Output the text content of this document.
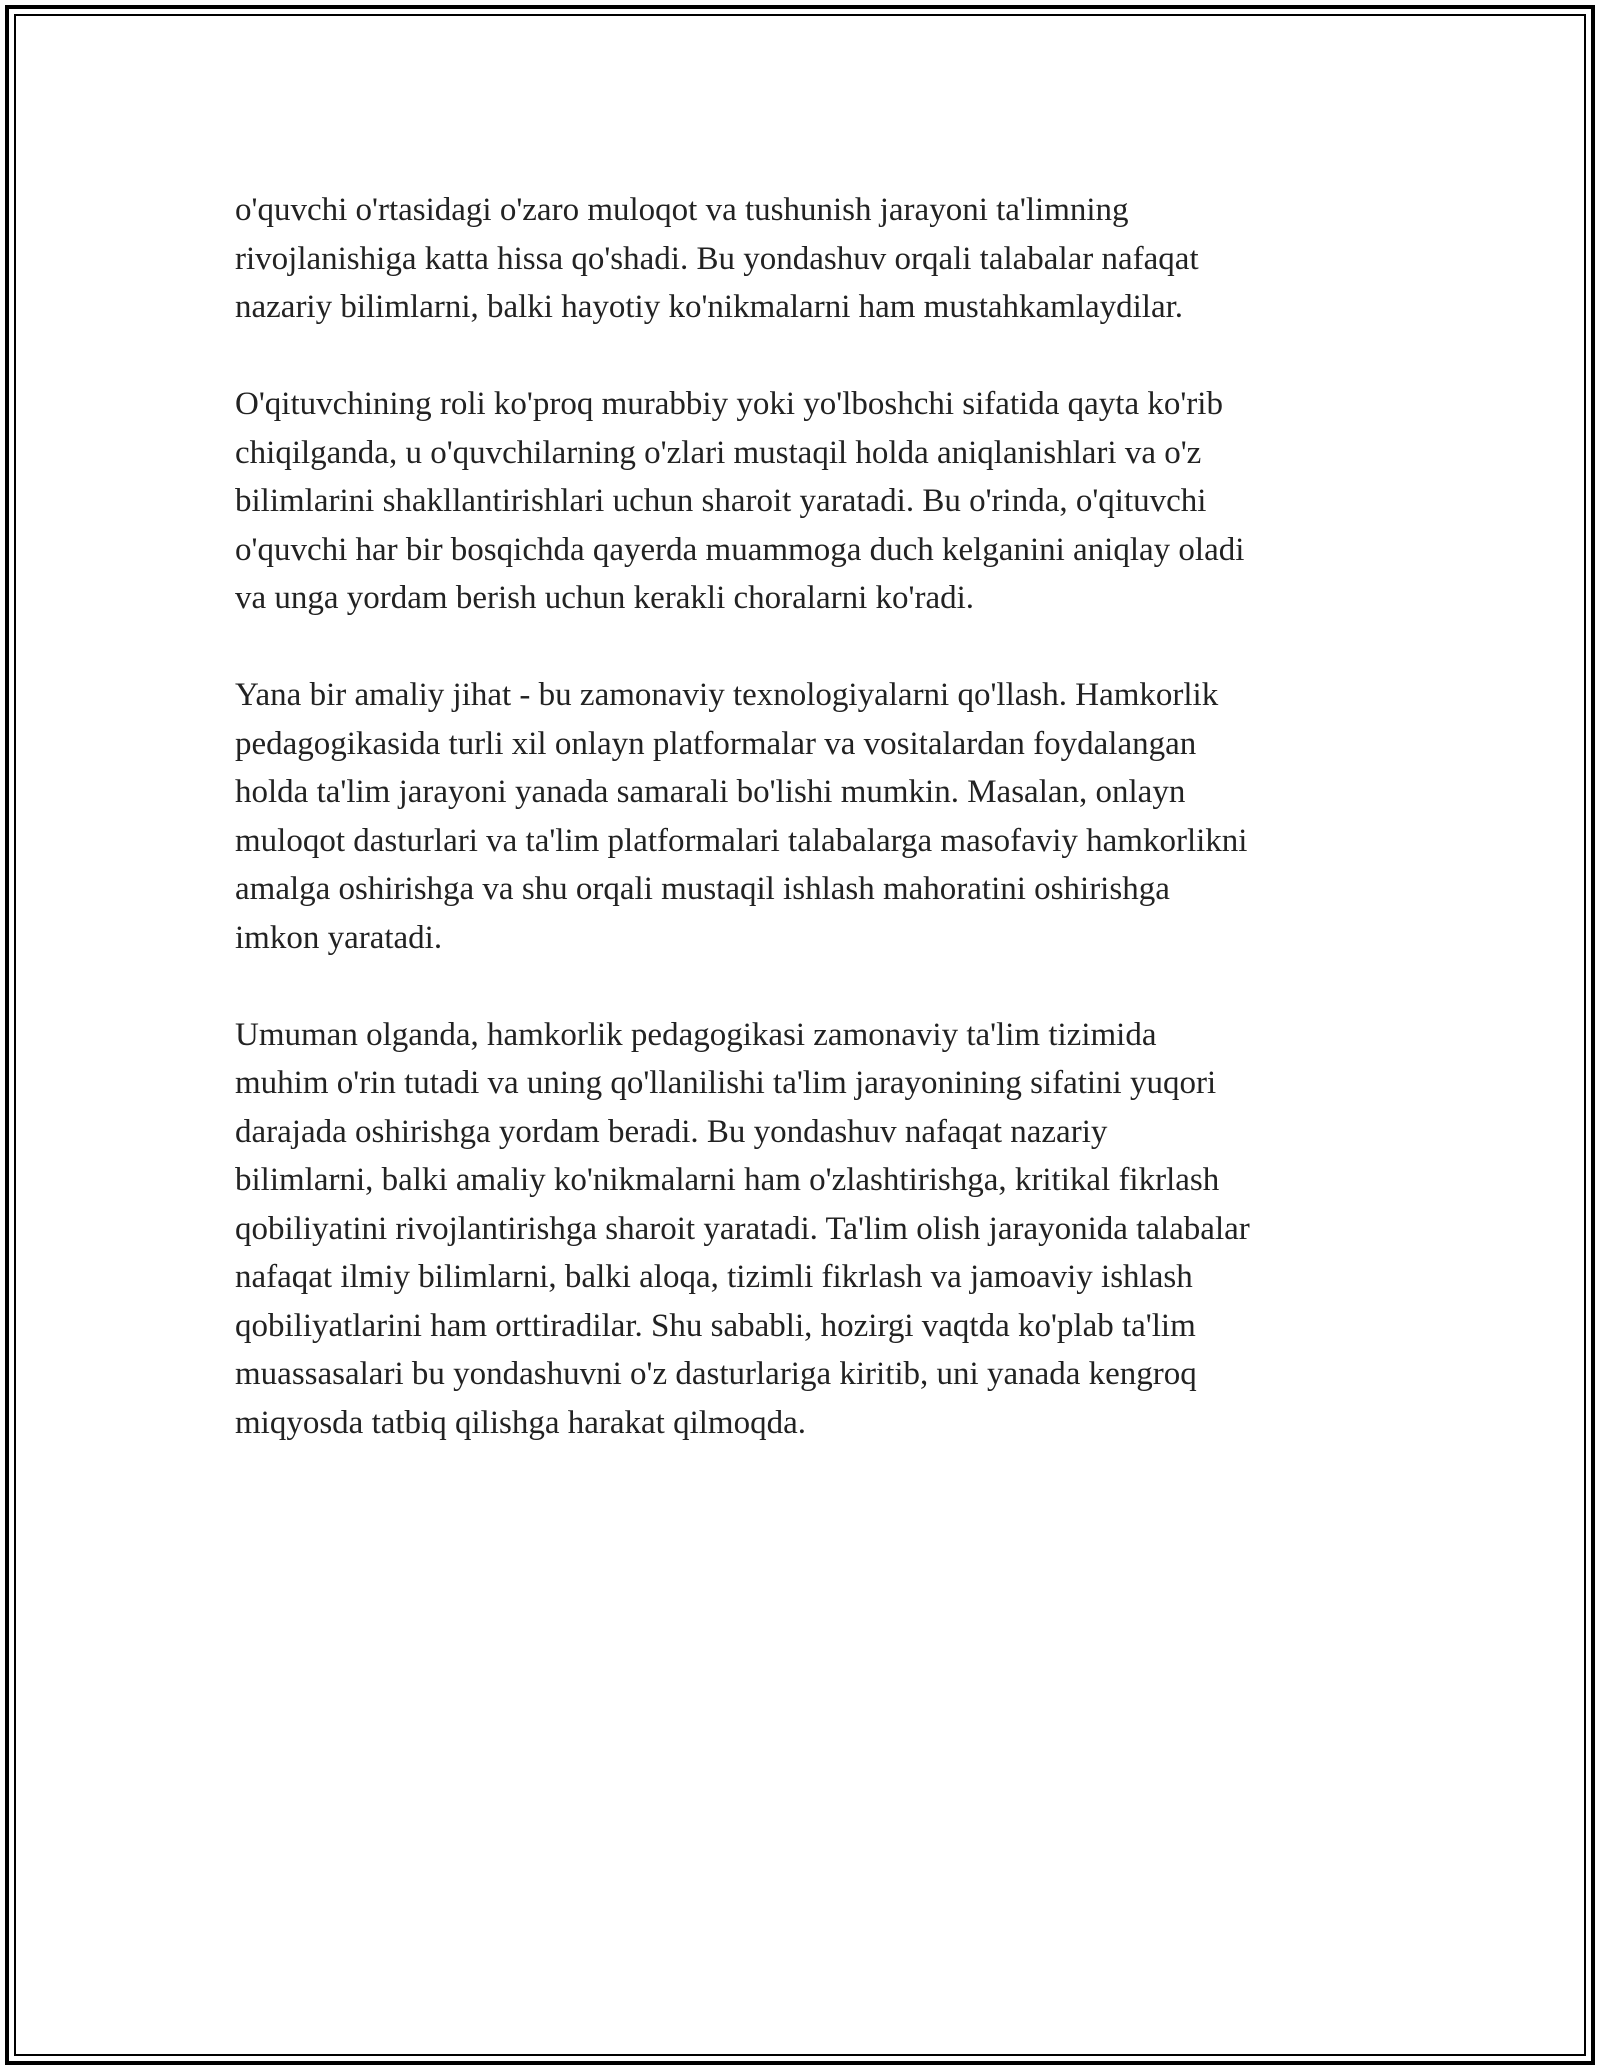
o'quvchi o'rtasidagi o'zaro muloqot va tushunish jarayoni ta'limning
rivojlanishiga katta hissa qo'shadi. Bu yondashuv orqali talabalar nafaqat
nazariy bilimlarni, balki hayotiy ko'nikmalarni ham mustahkamlaydilar.

O'qituvchining roli ko'proq murabbiy yoki yo'lboshchi sifatida qayta ko'rib
chiqilganda, u o'quvchilarning o'zlari mustaqil holda aniqlanishlari va o'z
bilimlarini shakllantirishlari uchun sharoit yaratadi. Bu o'rinda, o'qituvchi
o'quvchi har bir bosqichda qayerda muammoga duch kelganini aniqlay oladi
va unga yordam berish uchun kerakli choralarni ko'radi.

Yana bir amaliy jihat - bu zamonaviy texnologiyalarni qo'llash. Hamkorlik
pedagogikasida turli xil onlayn platformalar va vositalardan foydalangan
holda ta'lim jarayoni yanada samarali bo'lishi mumkin. Masalan, onlayn
muloqot dasturlari va ta'lim platformalari talabalarga masofaviy hamkorlikni
amalga oshirishga va shu orqali mustaqil ishlash mahoratini oshirishga
imkon yaratadi.

Umuman olganda, hamkorlik pedagogikasi zamonaviy ta'lim tizimida
muhim o'rin tutadi va uning qo'llanilishi ta'lim jarayonining sifatini yuqori
darajada oshirishga yordam beradi. Bu yondashuv nafaqat nazariy
bilimlarni, balki amaliy ko'nikmalarni ham o'zlashtirishga, kritikal fikrlash
qobiliyatini rivojlantirishga sharoit yaratadi. Ta'lim olish jarayonida talabalar
nafaqat ilmiy bilimlarni, balki aloqa, tizimli fikrlash va jamoaviy ishlash
qobiliyatlarini ham orttiradilar. Shu sababli, hozirgi vaqtda ko'plab ta'lim
muassasalari bu yondashuvni o'z dasturlariga kiritib, uni yanada kengroq
miqyosda tatbiq qilishga harakat qilmoqda.
